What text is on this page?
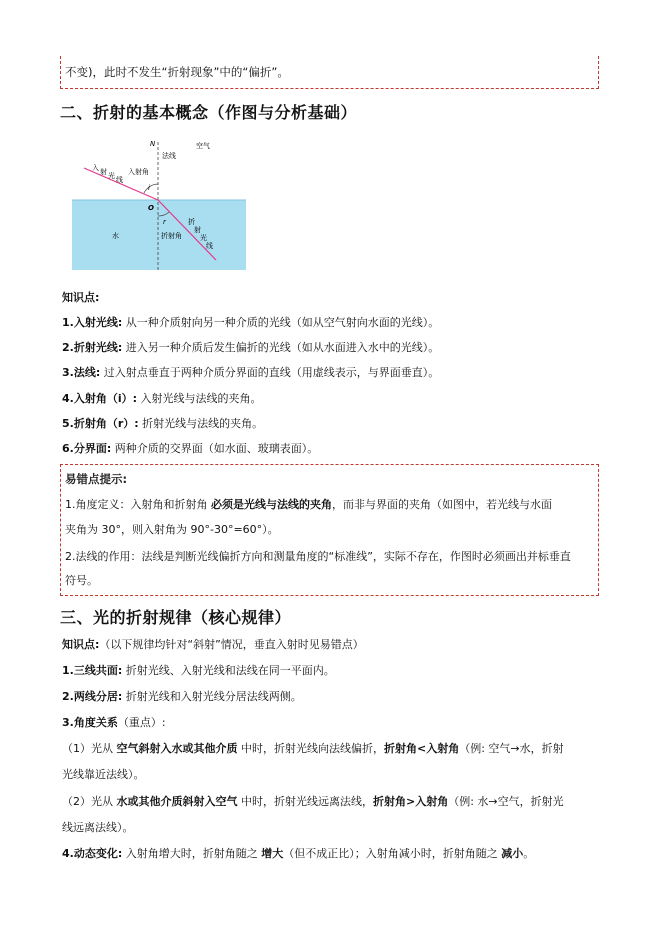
不变)，此时不发生“折射现象”中的“偏折”。
二、折射的基本概念（作图与分析基础）
N
法线
空气
入 射 光 线
入射角
i
O
r
水	折射角
折
射
光
线
知识点:
1.入射光线: 从一种介质射向另一种介质的光线（如从空气射向水面的光线）。
2.折射光线: 进入另一种介质后发生偏折的光线（如从水面进入水中的光线）。
3.法线: 过入射点垂直于两种介质分界面的直线（用虚线表示，与界面垂直）。
4.入射角（i）: 入射光线与法线的夹角。
5.折射角（r）: 折射光线与法线的夹角。
6.分界面: 两种介质的交界面（如水面、玻璃表面）。
易错点提示:
1.角度定义：入射角和折射角 必须是光线与法线的夹角，而非与界面的夹角（如图中，若光线与水面
夹角为 30°，则入射角为 90°-30°=60°）。
2.法线的作用：法线是判断光线偏折方向和测量角度的“标准线”，实际不存在，作图时必须画出并标垂直
符号。
三、光的折射规律（核心规律）
知识点:（以下规律均针对“斜射”情况，垂直入射时见易错点）
1.三线共面: 折射光线、入射光线和法线在同一平面内。
2.两线分居: 折射光线和入射光线分居法线两侧。
3.角度关系（重点）:
（1）光从 空气斜射入水或其他介质 中时，折射光线向法线偏折，折射角<入射角（例: 空气→水，折射
光线靠近法线）。
（2）光从 水或其他介质斜射入空气 中时，折射光线远离法线，折射角>入射角（例: 水→空气，折射光
线远离法线）。
4.动态变化: 入射角增大时，折射角随之 增大（但不成正比）；入射角减小时，折射角随之 减小。
